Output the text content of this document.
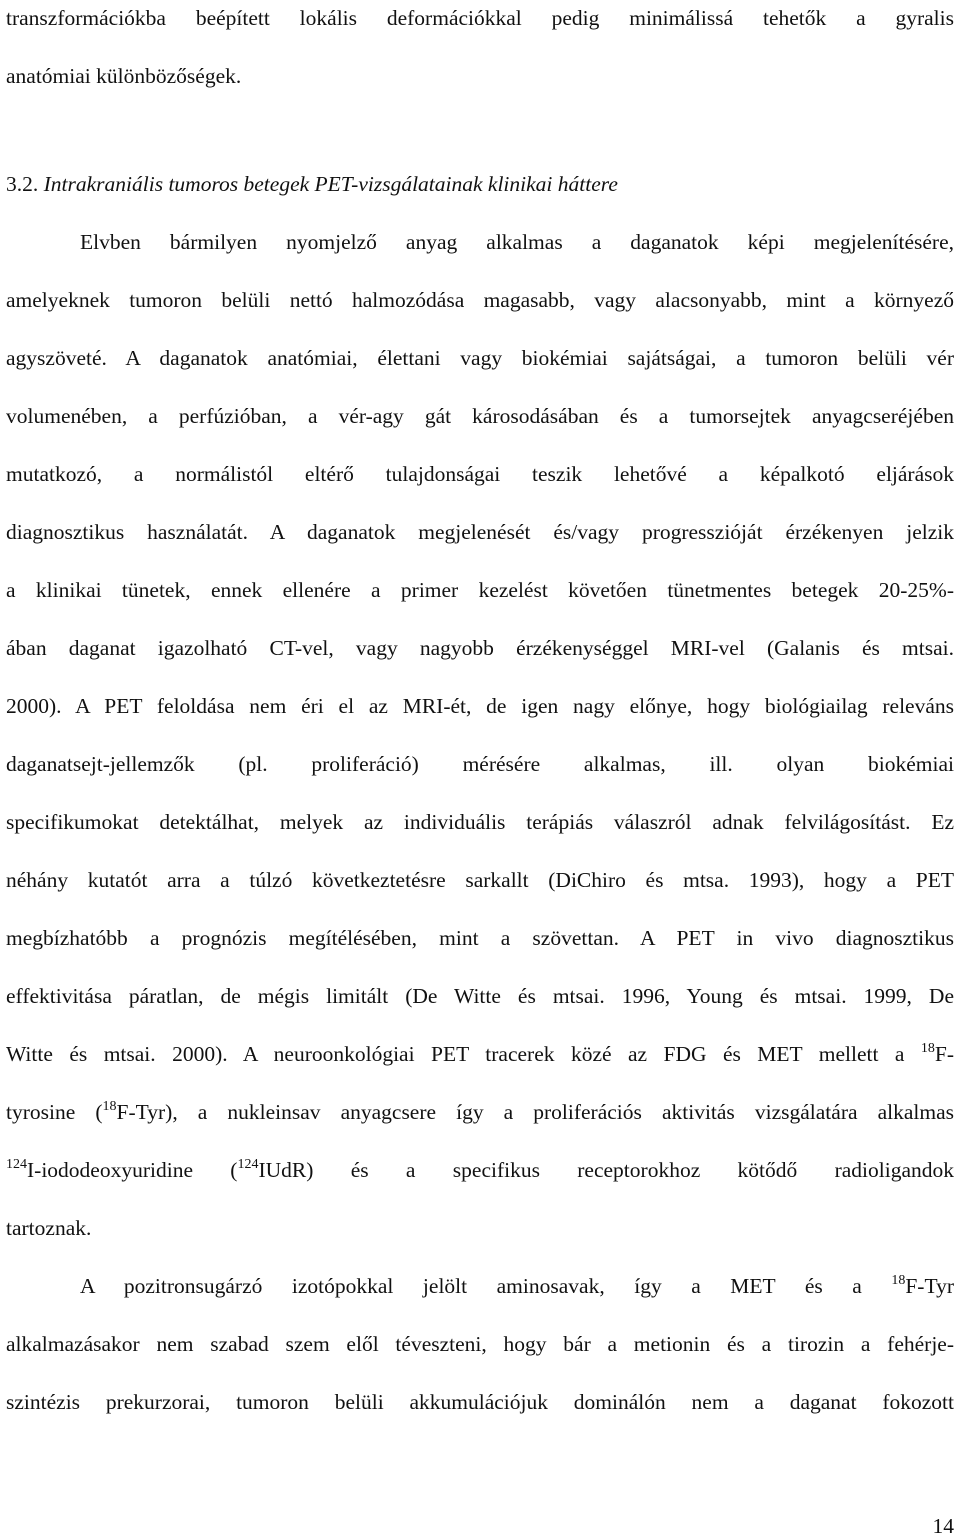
transzformációkba beépített lokális deformációkkal pedig minimálissá tehetők a gyralis
anatómiai különbözőségek.
3.2. Intrakraniális tumoros betegek PET-vizsgálatainak klinikai háttere
Elvben bármilyen nyomjelző anyag alkalmas a daganatok képi megjelenítésére,
amelyeknek tumoron belüli nettó halmozódása magasabb, vagy alacsonyabb, mint a környező
agyszöveté. A daganatok anatómiai, élettani vagy biokémiai sajátságai, a tumoron belüli vér
volumenében, a perfúzióban, a vér-agy gát károsodásában és a tumorsejtek anyagcseréjében
mutatkozó, a normálistól eltérő tulajdonságai teszik lehetővé a képalkotó eljárások
diagnosztikus használatát. A daganatok megjelenését és/vagy progresszióját érzékenyen jelzik
a klinikai tünetek, ennek ellenére a primer kezelést követően tünetmentes betegek 20-25%-
ában daganat igazolható CT-vel, vagy nagyobb érzékenységgel MRI-vel (Galanis és mtsai.
2000). A PET feloldása nem éri el az MRI-ét, de igen nagy előnye, hogy biológiailag releváns
daganatsejt-jellemzők (pl. proliferáció) mérésére alkalmas, ill. olyan biokémiai
specifikumokat detektálhat, melyek az individuális terápiás válaszról adnak felvilágosítást. Ez
néhány kutatót arra a túlzó következtetésre sarkallt (DiChiro és mtsa. 1993), hogy a PET
megbízhatóbb a prognózis megítélésében, mint a szövettan. A PET in vivo diagnosztikus
effektivitása páratlan, de mégis limitált (De Witte és mtsai. 1996, Young és mtsai. 1999, De
Witte és mtsai. 2000). A neuroonkológiai PET tracerek közé az FDG és MET mellett a $^{18}$F-
tyrosine ($^{18}$F-Tyr), a nukleinsav anyagcsere így a proliferációs aktivitás vizsgálatára alkalmas
$^{124}$I-iododeoxyuridine ($^{124}$IUdR) és a specifikus receptorokhoz kötődő radioligandok
tartoznak.
A pozitronsugárzó izotópokkal jelölt aminosavak, így a MET és a $^{18}$F-Tyr
alkalmazásakor nem szabad szem elől téveszteni, hogy bár a metionin és a tirozin a fehérje-
szintézis prekurzorai, tumoron belüli akkumulációjuk dominálón nem a daganat fokozott
14
